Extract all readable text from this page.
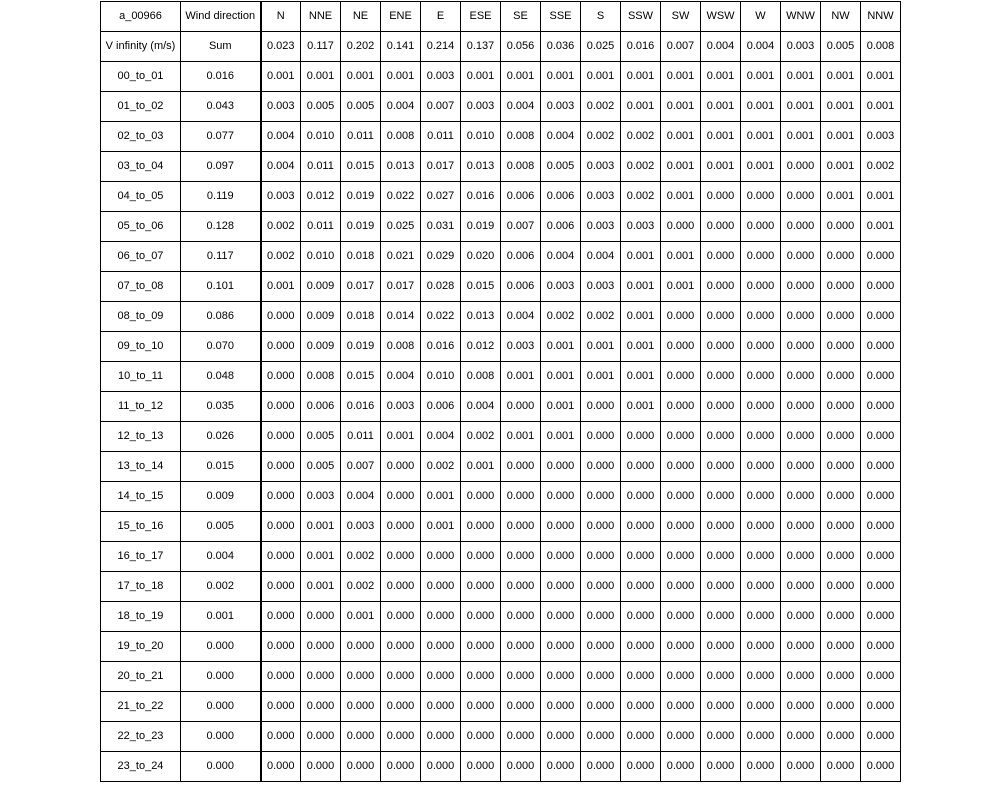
a_00966	Wind direction	N	NNE	NE	ENE	E	ESE	SE	SSE	S	SSW	SW	WSW	W	WNW	NW	NNW
V infinity (m/s)	Sum	0.023	0.117	0.202	0.141	0.214	0.137	0.056	0.036	0.025	0.016	0.007	0.004	0.004	0.003	0.005	0.008
00_to_01	0.016	0.001	0.001	0.001	0.001	0.003	0.001	0.001	0.001	0.001	0.001	0.001	0.001	0.001	0.001	0.001	0.001
01_to_02	0.043	0.003	0.005	0.005	0.004	0.007	0.003	0.004	0.003	0.002	0.001	0.001	0.001	0.001	0.001	0.001	0.001
02_to_03	0.077	0.004	0.010	0.011	0.008	0.011	0.010	0.008	0.004	0.002	0.002	0.001	0.001	0.001	0.001	0.001	0.003
03_to_04	0.097	0.004	0.011	0.015	0.013	0.017	0.013	0.008	0.005	0.003	0.002	0.001	0.001	0.001	0.000	0.001	0.002
04_to_05	0.119	0.003	0.012	0.019	0.022	0.027	0.016	0.006	0.006	0.003	0.002	0.001	0.000	0.000	0.000	0.001	0.001
05_to_06	0.128	0.002	0.011	0.019	0.025	0.031	0.019	0.007	0.006	0.003	0.003	0.000	0.000	0.000	0.000	0.000	0.001
06_to_07	0.117	0.002	0.010	0.018	0.021	0.029	0.020	0.006	0.004	0.004	0.001	0.001	0.000	0.000	0.000	0.000	0.000
07_to_08	0.101	0.001	0.009	0.017	0.017	0.028	0.015	0.006	0.003	0.003	0.001	0.001	0.000	0.000	0.000	0.000	0.000
08_to_09	0.086	0.000	0.009	0.018	0.014	0.022	0.013	0.004	0.002	0.002	0.001	0.000	0.000	0.000	0.000	0.000	0.000
09_to_10	0.070	0.000	0.009	0.019	0.008	0.016	0.012	0.003	0.001	0.001	0.001	0.000	0.000	0.000	0.000	0.000	0.000
10_to_11	0.048	0.000	0.008	0.015	0.004	0.010	0.008	0.001	0.001	0.001	0.001	0.000	0.000	0.000	0.000	0.000	0.000
11_to_12	0.035	0.000	0.006	0.016	0.003	0.006	0.004	0.000	0.001	0.000	0.001	0.000	0.000	0.000	0.000	0.000	0.000
12_to_13	0.026	0.000	0.005	0.011	0.001	0.004	0.002	0.001	0.001	0.000	0.000	0.000	0.000	0.000	0.000	0.000	0.000
13_to_14	0.015	0.000	0.005	0.007	0.000	0.002	0.001	0.000	0.000	0.000	0.000	0.000	0.000	0.000	0.000	0.000	0.000
14_to_15	0.009	0.000	0.003	0.004	0.000	0.001	0.000	0.000	0.000	0.000	0.000	0.000	0.000	0.000	0.000	0.000	0.000
15_to_16	0.005	0.000	0.001	0.003	0.000	0.001	0.000	0.000	0.000	0.000	0.000	0.000	0.000	0.000	0.000	0.000	0.000
16_to_17	0.004	0.000	0.001	0.002	0.000	0.000	0.000	0.000	0.000	0.000	0.000	0.000	0.000	0.000	0.000	0.000	0.000
17_to_18	0.002	0.000	0.001	0.002	0.000	0.000	0.000	0.000	0.000	0.000	0.000	0.000	0.000	0.000	0.000	0.000	0.000
18_to_19	0.001	0.000	0.000	0.001	0.000	0.000	0.000	0.000	0.000	0.000	0.000	0.000	0.000	0.000	0.000	0.000	0.000
19_to_20	0.000	0.000	0.000	0.000	0.000	0.000	0.000	0.000	0.000	0.000	0.000	0.000	0.000	0.000	0.000	0.000	0.000
20_to_21	0.000	0.000	0.000	0.000	0.000	0.000	0.000	0.000	0.000	0.000	0.000	0.000	0.000	0.000	0.000	0.000	0.000
21_to_22	0.000	0.000	0.000	0.000	0.000	0.000	0.000	0.000	0.000	0.000	0.000	0.000	0.000	0.000	0.000	0.000	0.000
22_to_23	0.000	0.000	0.000	0.000	0.000	0.000	0.000	0.000	0.000	0.000	0.000	0.000	0.000	0.000	0.000	0.000	0.000
23_to_24	0.000	0.000	0.000	0.000	0.000	0.000	0.000	0.000	0.000	0.000	0.000	0.000	0.000	0.000	0.000	0.000	0.000
